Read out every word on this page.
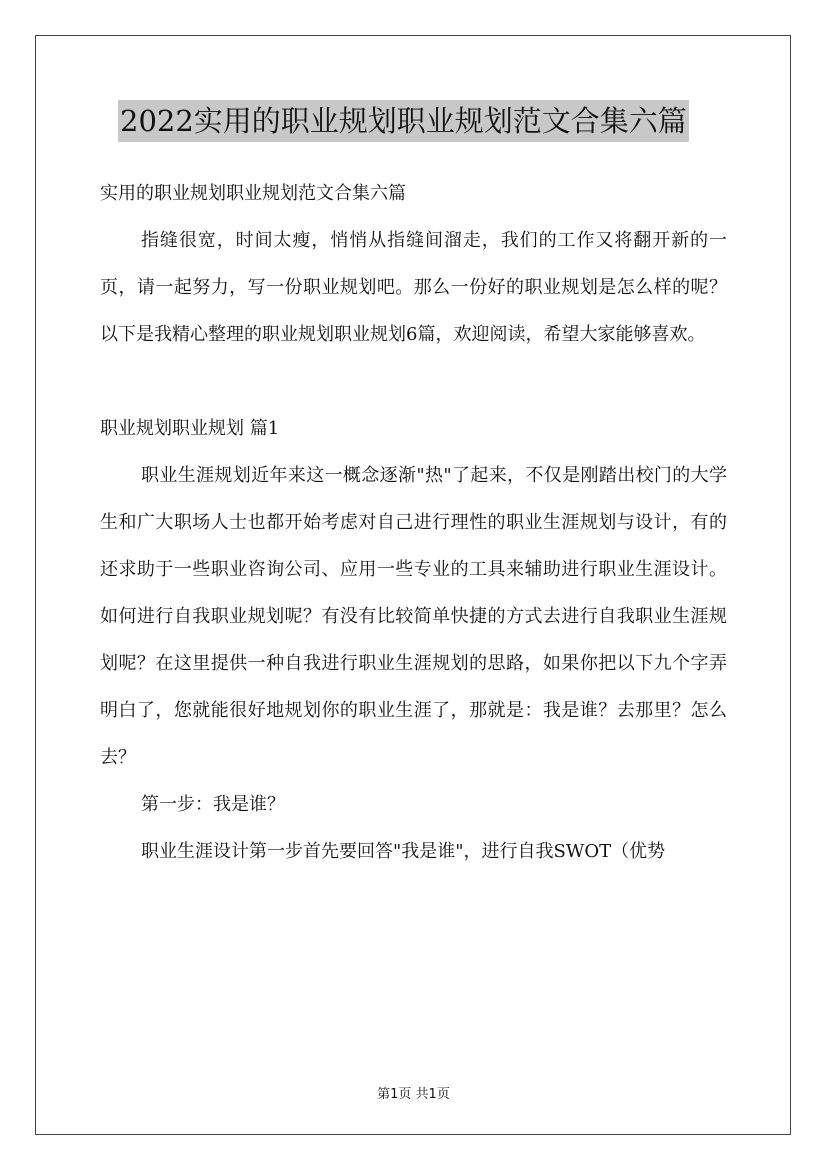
2022实用的职业规划职业规划范文合集六篇

实用的职业规划职业规划范文合集六篇

指缝很宽，时间太瘦，悄悄从指缝间溜走，我们的工作又将翻开新的一页，请一起努力，写一份职业规划吧。那么一份好的职业规划是怎么样的呢？以下是我精心整理的职业规划职业规划6篇，欢迎阅读，希望大家能够喜欢。

职业规划职业规划 篇1

职业生涯规划近年来这一概念逐渐"热"了起来，不仅是刚踏出校门的大学生和广大职场人士也都开始考虑对自己进行理性的职业生涯规划与设计，有的还求助于一些职业咨询公司、应用一些专业的工具来辅助进行职业生涯设计。如何进行自我职业规划呢？有没有比较简单快捷的方式去进行自我职业生涯规划呢？在这里提供一种自我进行职业生涯规划的思路，如果你把以下九个字弄明白了，您就能很好地规划你的职业生涯了，那就是：我是谁？去那里？怎么去？

第一步：我是谁？

职业生涯设计第一步首先要回答"我是谁"，进行自我SWOT（优势

第1页 共1页
